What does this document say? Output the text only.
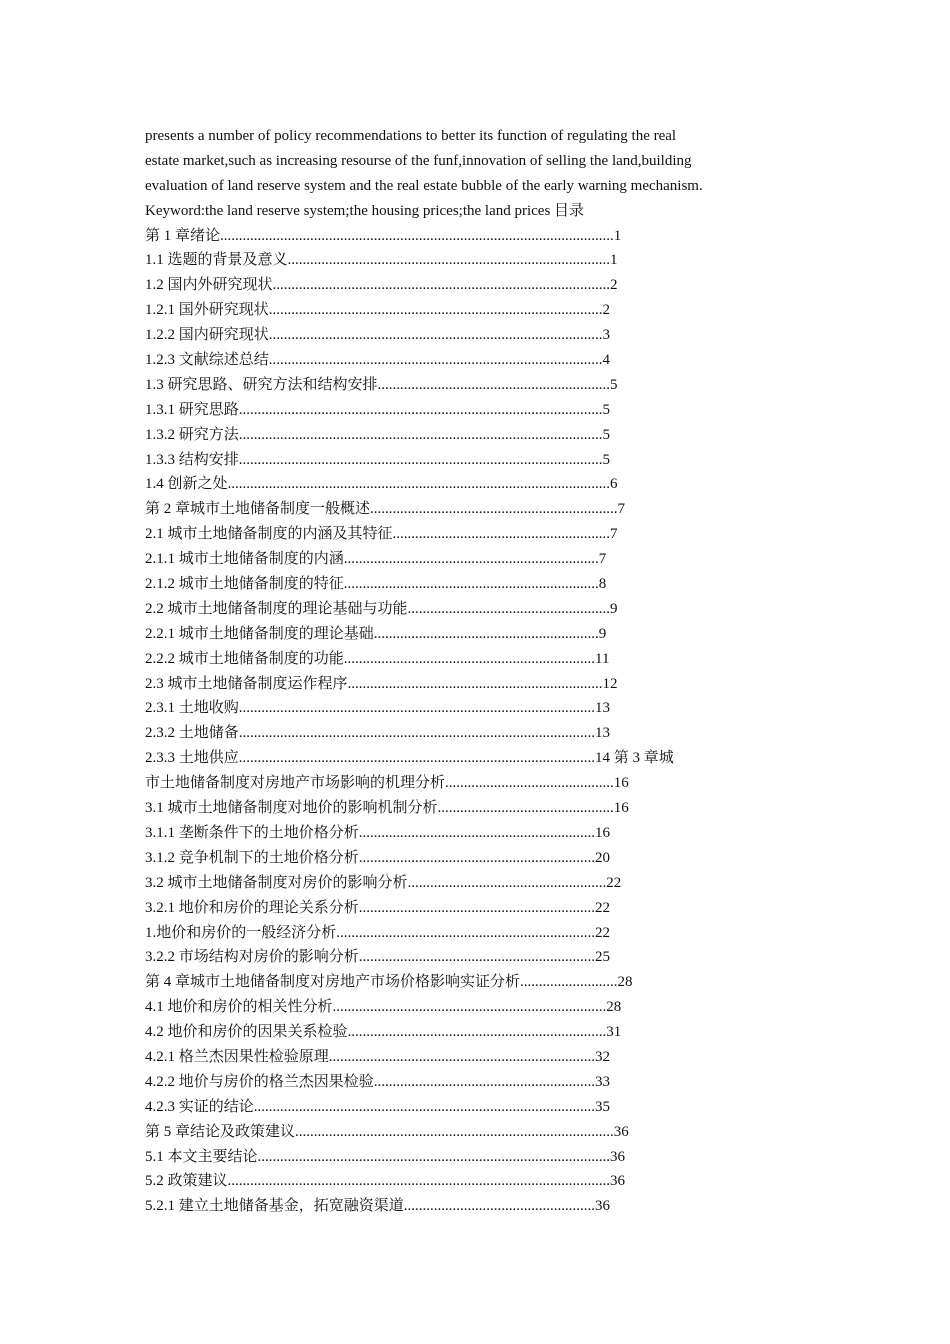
presents a number of policy recommendations to better its function of regulating the real
estate market,such as increasing resourse of the funf,innovation of selling the land,building
evaluation of land reserve system and the real estate bubble of the early warning mechanism.
Keyword:the land reserve system;the housing prices;the land prices 目录
第 1 章绪论.........................................................................................................1
1.1 选题的背景及意义......................................................................................1
1.2 国内外研究现状..........................................................................................2
1.2.1 国外研究现状.........................................................................................2
1.2.2 国内研究现状.........................................................................................3
1.2.3 文献综述总结.........................................................................................4
1.3 研究思路、研究方法和结构安排..............................................................5
1.3.1 研究思路.................................................................................................5
1.3.2 研究方法.................................................................................................5
1.3.3 结构安排.................................................................................................5
1.4 创新之处......................................................................................................6
第 2 章城市土地储备制度一般概述..................................................................7
2.1 城市土地储备制度的内涵及其特征..........................................................7
2.1.1 城市土地储备制度的内涵....................................................................7
2.1.2 城市土地储备制度的特征....................................................................8
2.2 城市土地储备制度的理论基础与功能......................................................9
2.2.1 城市土地储备制度的理论基础............................................................9
2.2.2 城市土地储备制度的功能...................................................................11
2.3 城市土地储备制度运作程序....................................................................12
2.3.1 土地收购...............................................................................................13
2.3.2 土地储备...............................................................................................13
2.3.3 土地供应...............................................................................................14 第 3 章城
市土地储备制度对房地产市场影响的机理分析.............................................16
3.1 城市土地储备制度对地价的影响机制分析...............................................16
3.1.1 垄断条件下的土地价格分析...............................................................16
3.1.2 竞争机制下的土地价格分析...............................................................20
3.2 城市土地储备制度对房价的影响分析.....................................................22
3.2.1 地价和房价的理论关系分析...............................................................22
1.地价和房价的一般经济分析.....................................................................22
3.2.2 市场结构对房价的影响分析...............................................................25
第 4 章城市土地储备制度对房地产市场价格影响实证分析..........................28
4.1 地价和房价的相关性分析.........................................................................28
4.2 地价和房价的因果关系检验.....................................................................31
4.2.1 格兰杰因果性检验原理.......................................................................32
4.2.2 地价与房价的格兰杰因果检验...........................................................33
4.2.3 实证的结论...........................................................................................35
第 5 章结论及政策建议.....................................................................................36
5.1 本文主要结论..............................................................................................36
5.2 政策建议......................................................................................................36
5.2.1 建立土地储备基金，拓宽融资渠道...................................................36
